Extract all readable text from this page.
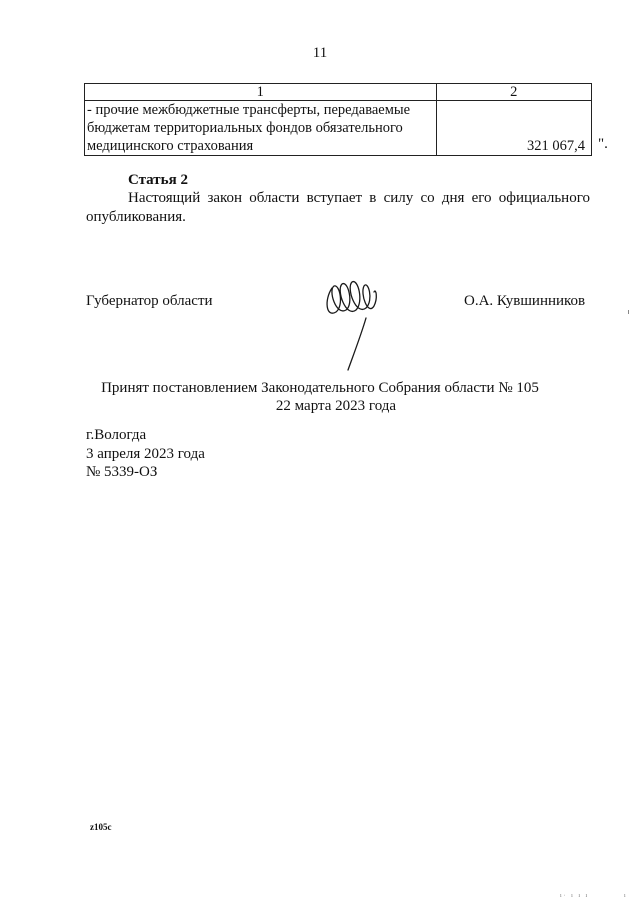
11
1	2
- прочие межбюджетные трансферты, передаваемые бюджетам территориальных фондов обязательного медицинского страхования	321 067,4 ".
Статья 2

Настоящий закон области вступает в силу со дня его официального опубликования.

Губернатор области	О.А. Кувшинников
Принят постановлением Законодательного Собрания области № 105
22 марта 2023 года
г.Вологда
3 апреля 2023 года
№ 5339-ОЗ
z105c
ı· ı ı ı	ı
